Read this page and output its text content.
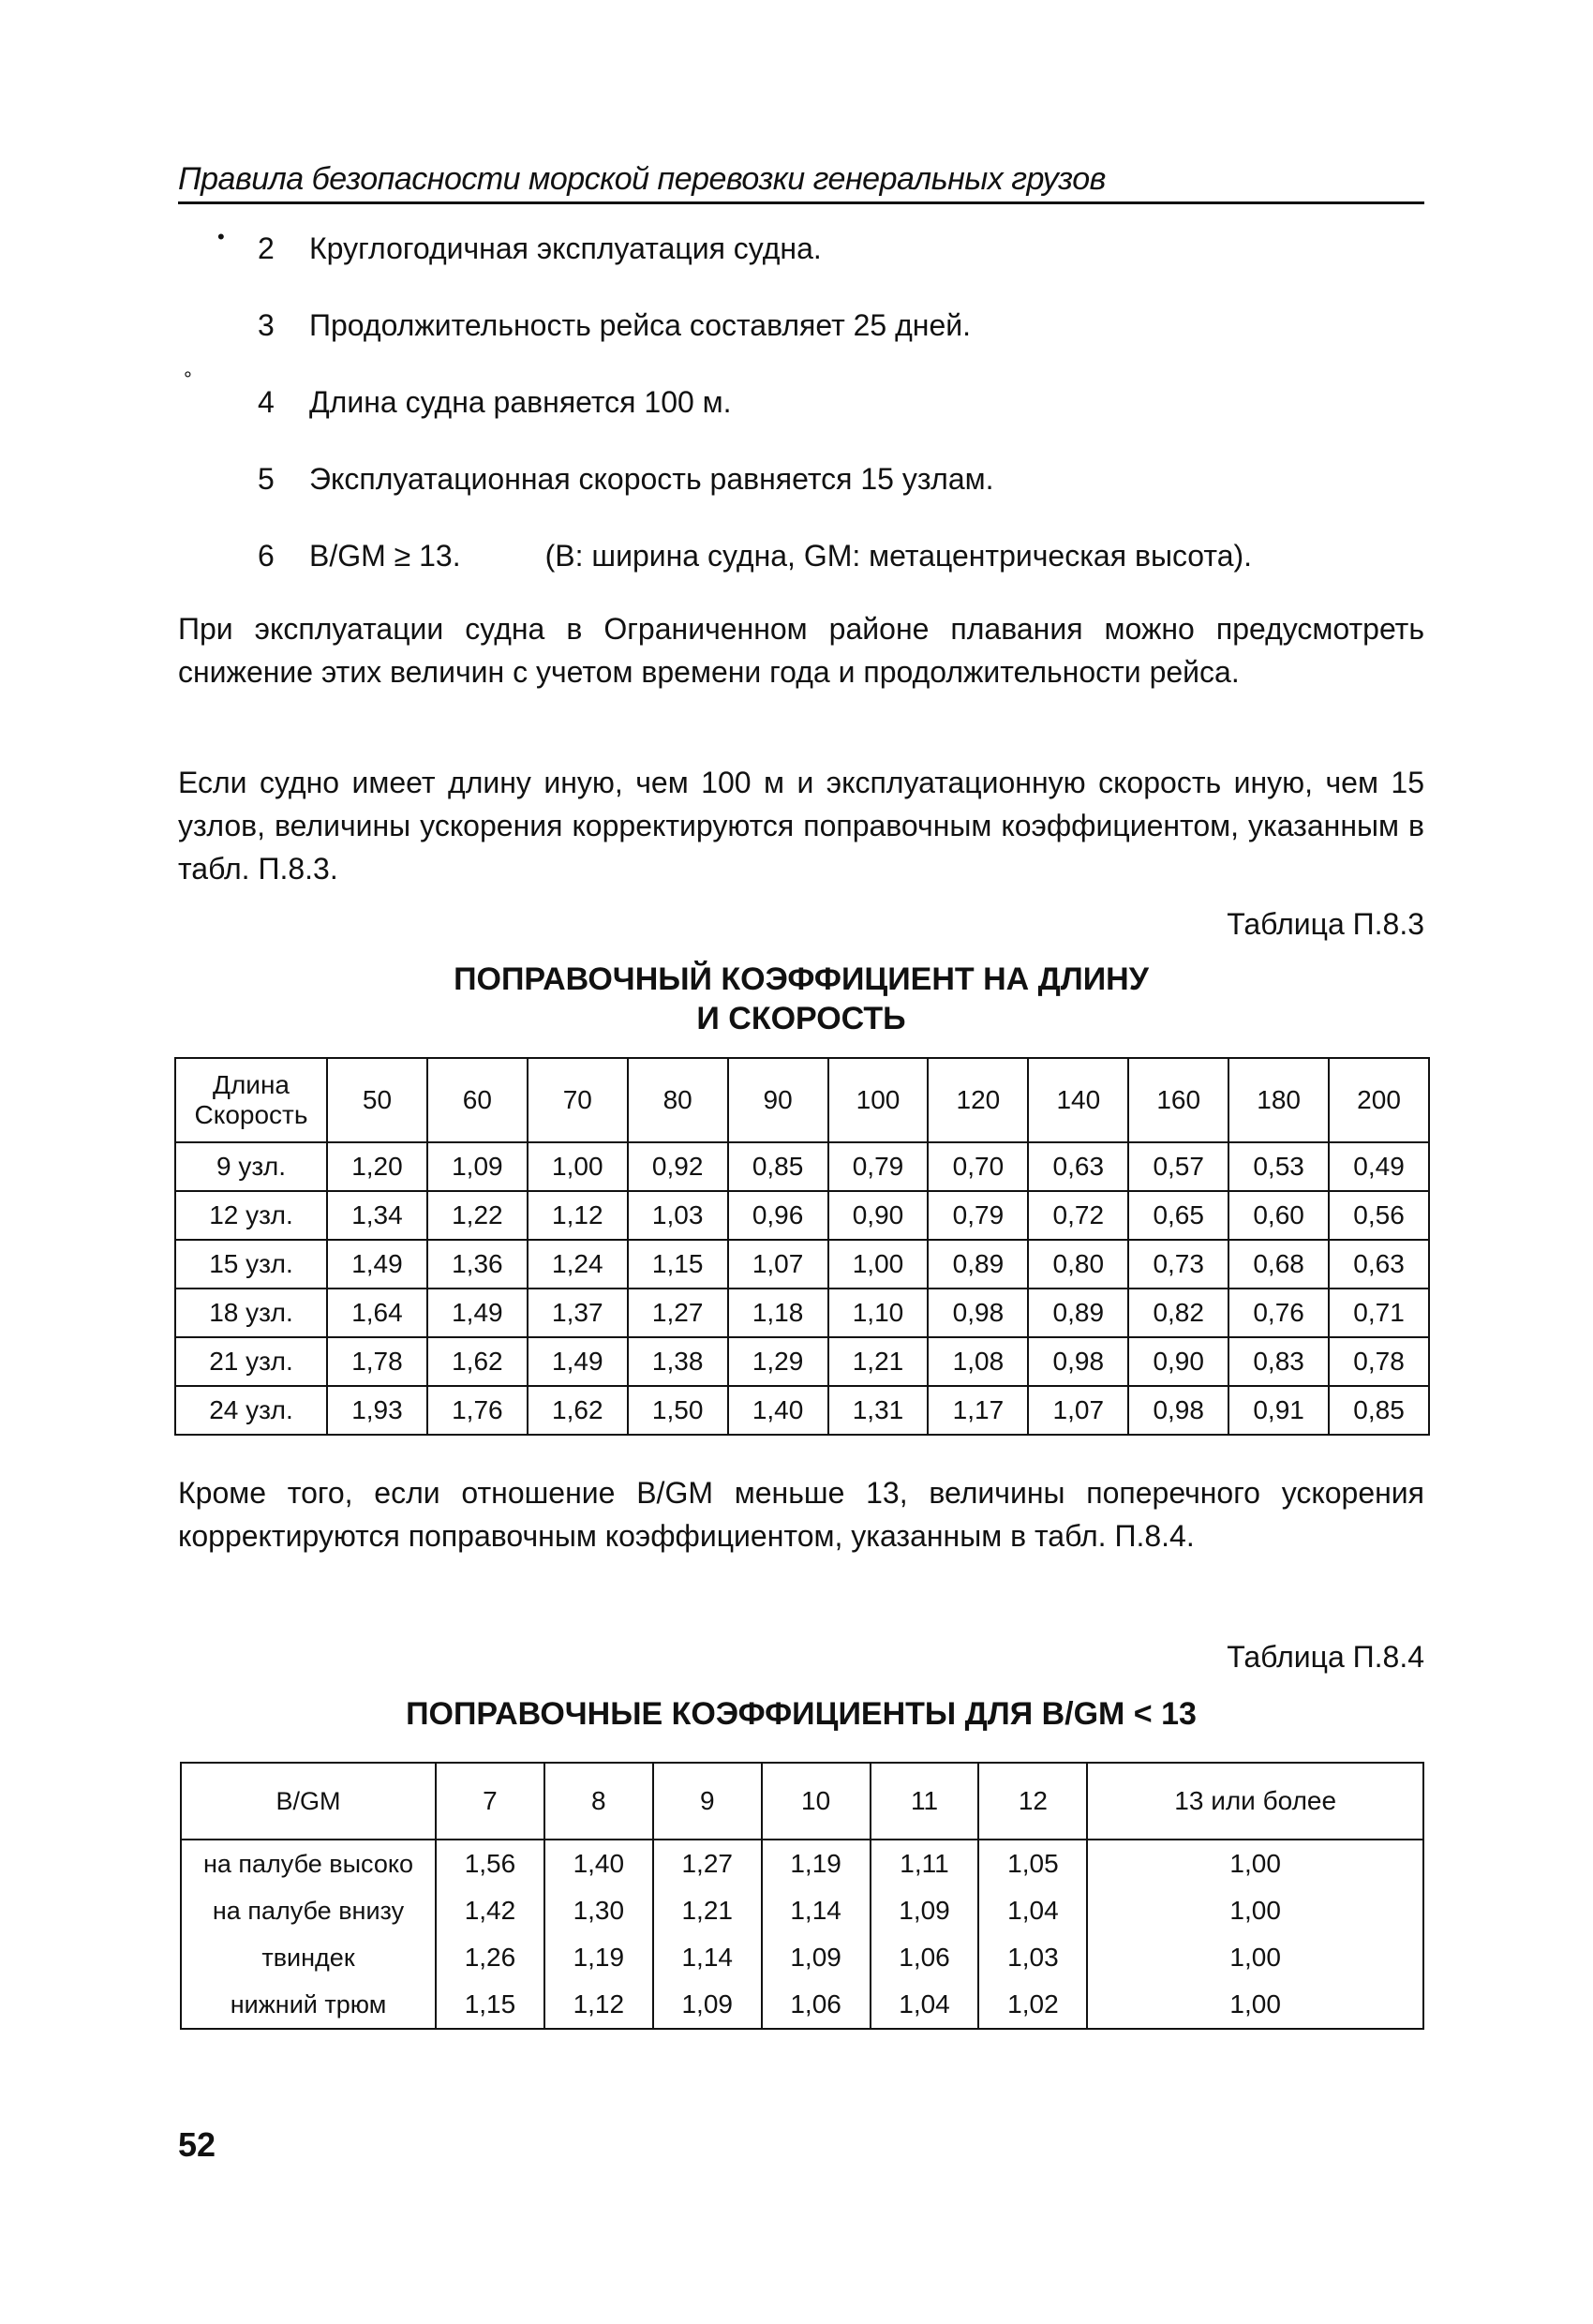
Правила безопасности морской перевозки генеральных грузов
•
°
2	Круглогодичная эксплуатация судна.
3	Продолжительность рейса составляет 25 дней.
4	Длина судна равняется 100 м.
5	Эксплуатационная скорость равняется 15 узлам.
6	B/GM ≥ 13.	(В: ширина судна, GM: метацентрическая высота).
При эксплуатации судна в Ограниченном районе плавания можно предусмотреть снижение этих величин с учетом времени года и продолжительности рейса.
Если судно имеет длину иную, чем 100 м и эксплуатационную скорость иную, чем 15 узлов, величины ускорения корректируются поправочным коэффициентом, указанным в табл. П.8.3.
Таблица П.8.3
ПОПРАВОЧНЫЙ КОЭФФИЦИЕНТ НА ДЛИНУ
И СКОРОСТЬ
Длина
Скорость	50	60	70	80	90	100	120	140	160	180	200
9 узл.	1,20	1,09	1,00	0,92	0,85	0,79	0,70	0,63	0,57	0,53	0,49
12 узл.	1,34	1,22	1,12	1,03	0,96	0,90	0,79	0,72	0,65	0,60	0,56
15 узл.	1,49	1,36	1,24	1,15	1,07	1,00	0,89	0,80	0,73	0,68	0,63
18 узл.	1,64	1,49	1,37	1,27	1,18	1,10	0,98	0,89	0,82	0,76	0,71
21 узл.	1,78	1,62	1,49	1,38	1,29	1,21	1,08	0,98	0,90	0,83	0,78
24 узл.	1,93	1,76	1,62	1,50	1,40	1,31	1,17	1,07	0,98	0,91	0,85
Кроме того, если отношение B/GM меньше 13, величины поперечного ускорения корректируются поправочным коэффициентом, указанным в табл. П.8.4.
Таблица П.8.4
ПОПРАВОЧНЫЕ КОЭФФИЦИЕНТЫ ДЛЯ B/GM < 13
B/GM	7	8	9	10	11	12	13 или более
на палубе высоко	1,56	1,40	1,27	1,19	1,11	1,05	1,00
на палубе внизу	1,42	1,30	1,21	1,14	1,09	1,04	1,00
твиндек	1,26	1,19	1,14	1,09	1,06	1,03	1,00
нижний трюм	1,15	1,12	1,09	1,06	1,04	1,02	1,00
52
